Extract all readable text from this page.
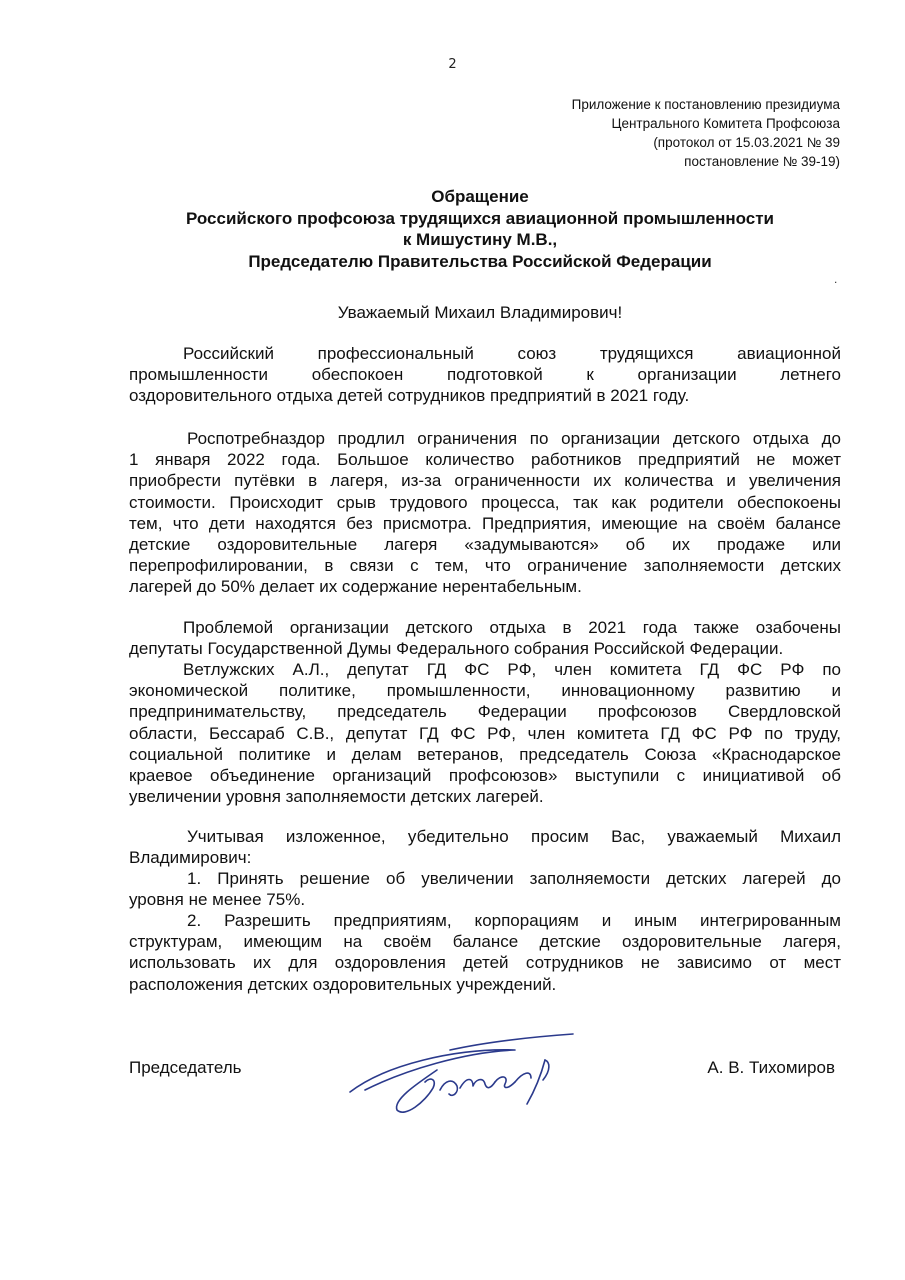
2
Приложение к постановлению президиума
Центрального Комитета Профсоюза
(протокол от 15.03.2021 № 39
постановление № 39-19)
Обращение
Российского профсоюза трудящихся авиационной промышленности
к Мишустину М.В.,
Председателю Правительства Российской Федерации
.
Уважаемый Михаил Владимирович!
Российский профессиональный союз трудящихся авиационной
промышленности обеспокоен подготовкой к организации летнего
оздоровительного отдыха детей сотрудников предприятий в 2021 году.
Роспотребназдор продлил ограничения по организации детского отдыха до
1 января 2022 года. Большое количество работников предприятий не может
приобрести путёвки в лагеря, из-за ограниченности их количества и увеличения
стоимости. Происходит срыв трудового процесса, так как родители обеспокоены
тем, что дети находятся без присмотра. Предприятия, имеющие на своём балансе
детские оздоровительные лагеря «задумываются» об их продаже или
перепрофилировании, в связи с тем, что ограничение заполняемости детских
лагерей до 50% делает их содержание нерентабельным.
Проблемой организации детского отдыха в 2021 года также озабочены
депутаты Государственной Думы Федерального собрания Российской Федерации.
Ветлужских А.Л., депутат ГД ФС РФ, член комитета ГД ФС РФ по
экономической политике, промышленности, инновационному развитию и
предпринимательству, председатель Федерации профсоюзов Свердловской
области, Бессараб С.В., депутат ГД ФС РФ, член комитета ГД ФС РФ по труду,
социальной политике и делам ветеранов, председатель Союза «Краснодарское
краевое объединение организаций профсоюзов» выступили с инициативой об
увеличении уровня заполняемости детских лагерей.
Учитывая изложенное, убедительно просим Вас, уважаемый Михаил
Владимирович:
1. Принять решение об увеличении заполняемости детских лагерей до
уровня не менее 75%.
2. Разрешить предприятиям, корпорациям и иным интегрированным
структурам, имеющим на своём балансе детские оздоровительные лагеря,
использовать их для оздоровления детей сотрудников не зависимо от мест
расположения детских оздоровительных учреждений.
Председатель	А. В. Тихомиров
